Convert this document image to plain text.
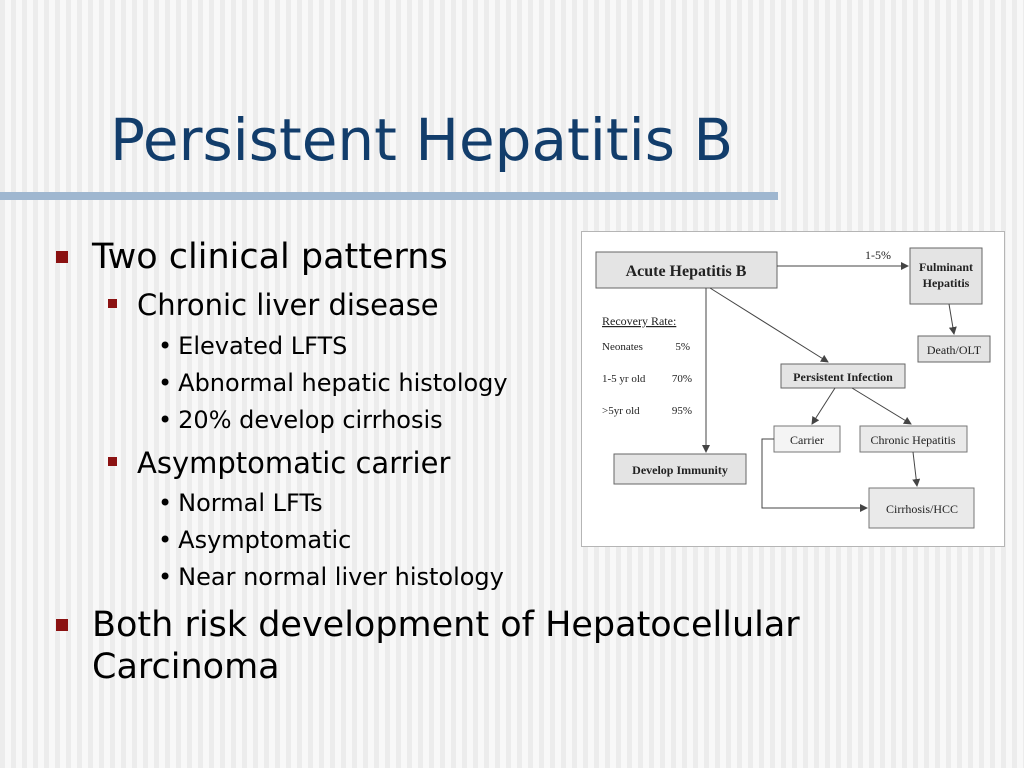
Persistent Hepatitis B
Two clinical patterns
Chronic liver disease
• Elevated LFTS
• Abnormal hepatic histology
• 20% develop cirrhosis
Asymptomatic carrier
• Normal LFTs
• Asymptomatic
• Near normal liver histology
Both risk development of Hepatocellular
Carcinoma
Acute Hepatitis B
1-5%
Fulminant
Hepatitis
Death/OLT
Recovery Rate:
Neonates	5%
1-5 yr old 70%
>5yr old	95%
Persistent Infection
Carrier	Chronic Hepatitis
Develop Immunity
Cirrhosis/HCC
